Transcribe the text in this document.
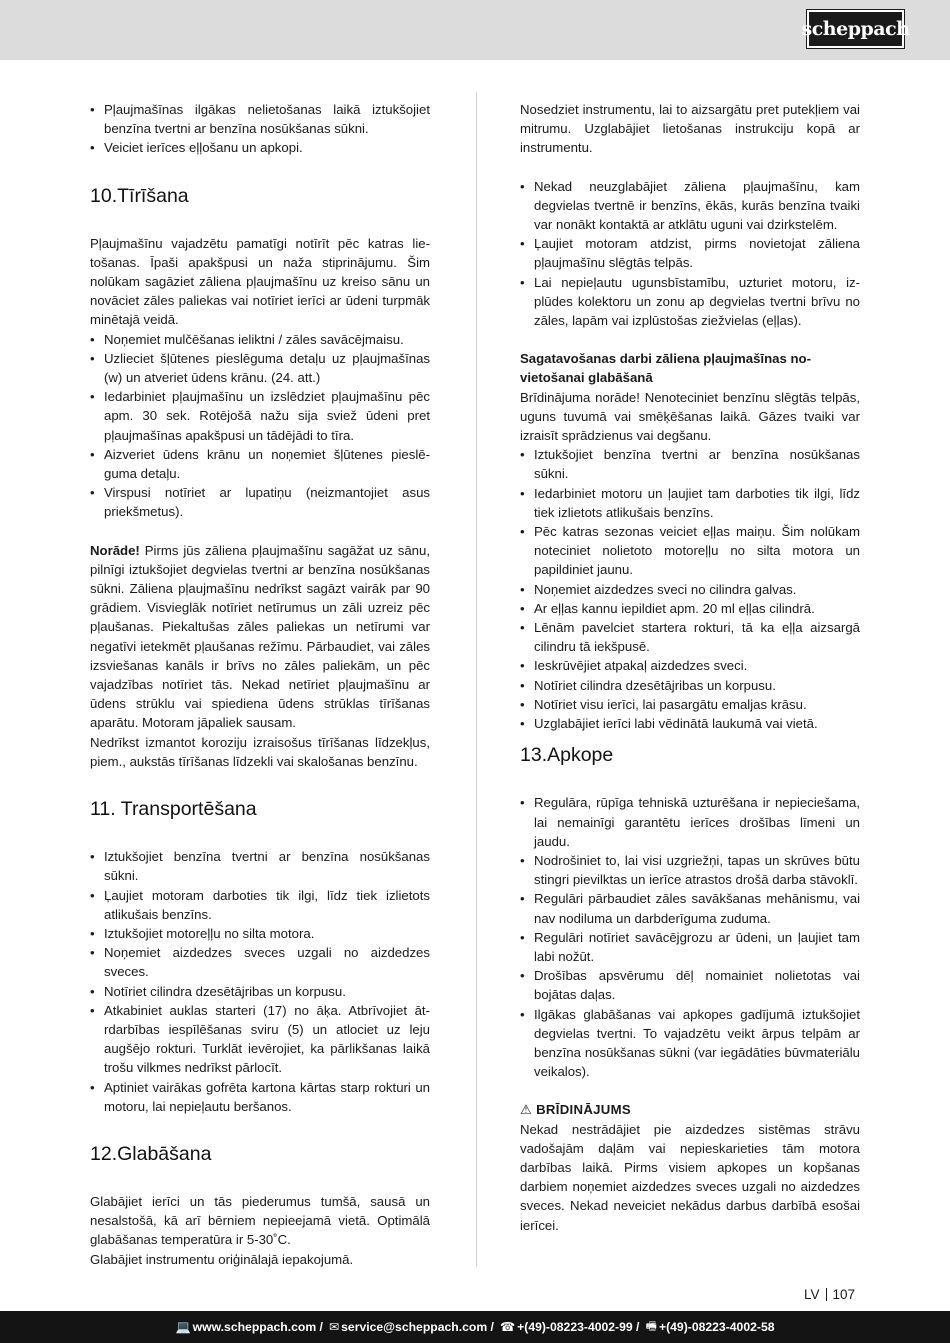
scheppach
• Pļaujmašīnas ilgākas nelietošanas laikā iztukšojiet benzīna tvertni ar benzīna nosūkšanas sūkni.
• Veiciet ierīces eļļošanu un apkopi.
10.Tīrīšana

Pļaujmašīnu vajadzētu pamatīgi notīrīt pēc katras lietošanas. Īpaši apakšpusi un naža stiprinājumu. Šim nolūkam sagāziet zāliena pļaujmašīnu uz kreiso sānu un novāciet zāles paliekas vai notīriet ierīci ar ūdeni turpmāk minētajā veidā.

• Noņemiet mulčēšanas ieliktni / zāles savācējmaisu.
• Uzlieciet šļūtenes pieslēguma detaļu uz pļaujmašīnas (w) un atveriet ūdens krānu. (24. att.)
• Iedarbiniet pļaujmašīnu un izslēdziet pļaujmašīnu pēc apm. 30 sek. Rotējošā nažu sija sviež ūdeni pret pļaujmašīnas apakšpusi un tādējādi to tīra.
• Aizveriet ūdens krānu un noņemiet šļūtenes pieslēguma detaļu.
• Virspusi notīriet ar lupatiņu (neizmantojiet asus priekšmetus).

Norāde! Pirms jūs zāliena pļaujmašīnu sagāžat uz sānu, pilnīgi iztukšojiet degvielas tvertni ar benzīna nosūkšanas sūkni. Zāliena pļaujmašīnu nedrīkst sagāzt vairāk par 90 grādiem. Visvieglāk notīriet netīrumus un zāli uzreiz pēc pļaušanas. Piekaltušas zāles paliekas un netīrumi var negatīvi ietekmēt pļaušanas režīmu. Pārbaudiet, vai zāles izsviešanas kanāls ir brīvs no zāles paliekām, un pēc vajadzības notīriet tās. Nekad netīriet pļaujmašīnu ar ūdens strūklu vai spiediena ūdens strūklas tīrīšanas aparātu. Motoram jāpaliek sausam.

Nedrīkst izmantot koroziju izraisošus tīrīšanas līdzekļus, piem., aukstās tīrīšanas līdzekli vai skalošanas benzīnu.

11. Transportēšana
• Iztukšojiet benzīna tvertni ar benzīna nosūkšanas sūkni.
• Ļaujiet motoram darboties tik ilgi, līdz tiek izlietots atlikušais benzīns.
• Iztukšojiet motoreļļu no silta motora.
• Noņemiet aizdedzes sveces uzgali no aizdedzes sveces.
• Notīriet cilindra dzesētājribas un korpusu.
• Atkabiniet auklas starteri (17) no āķa. Atbrīvojiet ātrdarbības iespīlēšanas sviru (5) un atlociet uz leju augšējo rokturi. Turklāt ievērojiet, ka pārlikšanas laikā trošu vilkmes nedrīkst pārlocīt.
• Aptiniet vairākas gofrēta kartona kārtas starp rokturi un motoru, lai nepieļautu beršanos.
12.Glabāšana

Glabājiet ierīci un tās piederumus tumšā, sausā un nesalstošā, kā arī bērniem nepieejamā vietā. Optimālā glabāšanas temperatūra ir 5-30˚C.

Glabājiet instrumentu oriģinālajā iepakojumā.

Nosedziet instrumentu, lai to aizsargātu pret putekļiem vai mitrumu. Uzglabājiet lietošanas instrukciju kopā ar instrumentu.

• Nekad neuzglabājiet zāliena pļaujmašīnu, kam degvielas tvertnē ir benzīns, ēkās, kurās benzīna tvaiki var nonākt kontaktā ar atklātu uguni vai dzirkstelēm.
• Ļaujiet motoram atdzist, pirms novietojat zāliena pļaujmašīnu slēgtās telpās.
• Lai nepieļautu ugunsbīstamību, uzturiet motoru, izplūdes kolektoru un zonu ap degvielas tvertni brīvu no zāles, lapām vai izplūstošas ziežvielas (eļļas).

Sagatavošanas darbi zāliena pļaujmašīnas novietošanai glabāšanā

Brīdinājuma norāde! Nenoteciniet benzīnu slēgtās telpās, uguns tuvumā vai smēķēšanas laikā. Gāzes tvaiki var izraisīt sprādzienus vai degšanu.

• Iztukšojiet benzīna tvertni ar benzīna nosūkšanas sūkni.
• Iedarbiniet motoru un ļaujiet tam darboties tik ilgi, līdz tiek izlietots atlikušais benzīns.
• Pēc katras sezonas veiciet eļļas maiņu. Šim nolūkam noteciniet nolietoto motoreļļu no silta motora un papildiniet jaunu.
• Noņemiet aizdedzes sveci no cilindra galvas.
• Ar eļļas kannu iepildiet apm. 20 ml eļļas cilindrā.
• Lēnām pavelciet startera rokturi, tā ka eļļa aizsargā cilindru tā iekšpusē.
• Ieskrūvējiet atpakaļ aizdedzes sveci.
• Notīriet cilindra dzesētājribas un korpusu.
• Notīriet visu ierīci, lai pasargātu emaljas krāsu.
• Uzglabājiet ierīci labi vēdinātā laukumā vai vietā.
13.Apkope
• Regulāra, rūpīga tehniskā uzturēšana ir nepieciešama, lai nemainīgi garantētu ierīces drošības līmeni un jaudu.
• Nodrošiniet to, lai visi uzgriežņi, tapas un skrūves būtu stingri pievilktas un ierīce atrastos drošā darba stāvoklī.
• Regulāri pārbaudiet zāles savākšanas mehānismu, vai nav nodiluma un darbderīguma zuduma.
• Regulāri notīriet savācējgrozu ar ūdeni, un ļaujiet tam labi nožūt.
• Drošības apsvērumu dēļ nomainiet nolietotas vai bojātas daļas.
• Ilgākas glabāšanas vai apkopes gadījumā iztukšojiet degvielas tvertni. To vajadzētu veikt ārpus telpām ar benzīna nosūkšanas sūkni (var iegādāties būvmateriālu veikalos).

⚠ BRĪDINĀJUMS

Nekad nestrādājiet pie aizdedzes sistēmas strāvu vadošajām daļām vai nepieskarieties tām motora darbības laikā. Pirms visiem apkopes un kopšanas darbiem noņemiet aizdedzes sveces uzgali no aizdedzes sveces. Nekad neveiciet nekādus darbus darbībā esošai ierīcei.

LV 107
💻 www.scheppach.com / ✉ service@scheppach.com / ☎ +(49)-08223-4002-99 / 🖷 +(49)-08223-4002-58
